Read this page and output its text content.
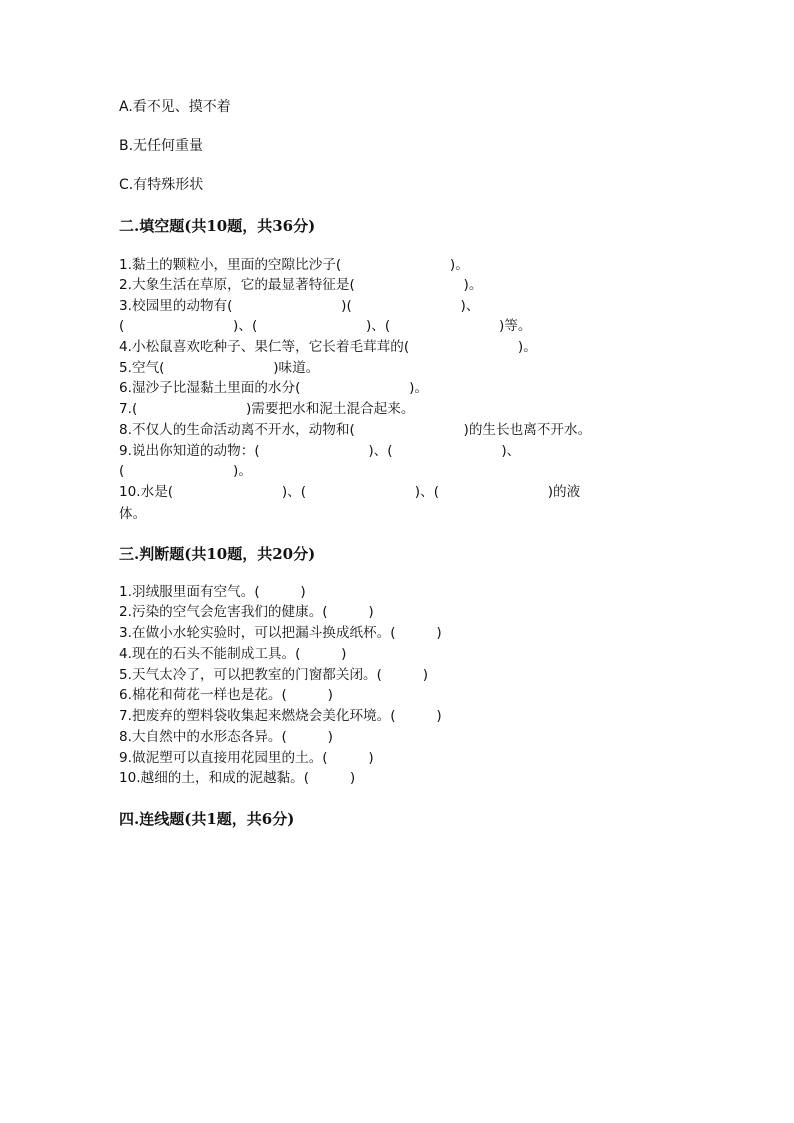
A.看不见、摸不着
B.无任何重量
C.有特殊形状
二.填空题(共10题，共36分)
1.黏土的颗粒小，里面的空隙比沙子(　　　　　　　　)。
2.大象生活在草原，它的最显著特征是(　　　　　　　　)。
3.校园里的动物有(　　　　　　　　)(　　　　　　　　)、
(　　　　　　　　)、(　　　　　　　　)、(　　　　　　　　)等。
4.小松鼠喜欢吃种子、果仁等，它长着毛茸茸的(　　　　　　　　)。
5.空气(　　　　　　　　)味道。
6.湿沙子比湿黏土里面的水分(　　　　　　　　)。
7.(　　　　　　　　)需要把水和泥土混合起来。
8.不仅人的生命活动离不开水，动物和(　　　　　　　　)的生长也离不开水。
9.说出你知道的动物：(　　　　　　　　)、(　　　　　　　　)、
(　　　　　　　　)。
10.水是(　　　　　　　　)、(　　　　　　　　)、(　　　　　　　　)的液
体。
三.判断题(共10题，共20分)
1.羽绒服里面有空气。(　　　)
2.污染的空气会危害我们的健康。(　　　)
3.在做小水轮实验时，可以把漏斗换成纸杯。(　　　)
4.现在的石头不能制成工具。(　　　)
5.天气太冷了，可以把教室的门窗都关闭。(　　　)
6.棉花和荷花一样也是花。(　　　)
7.把废弃的塑料袋收集起来燃烧会美化环境。(　　　)
8.大自然中的水形态各异。(　　　)
9.做泥塑可以直接用花园里的土。(　　　)
10.越细的土，和成的泥越黏。(　　　)
四.连线题(共1题，共6分)
